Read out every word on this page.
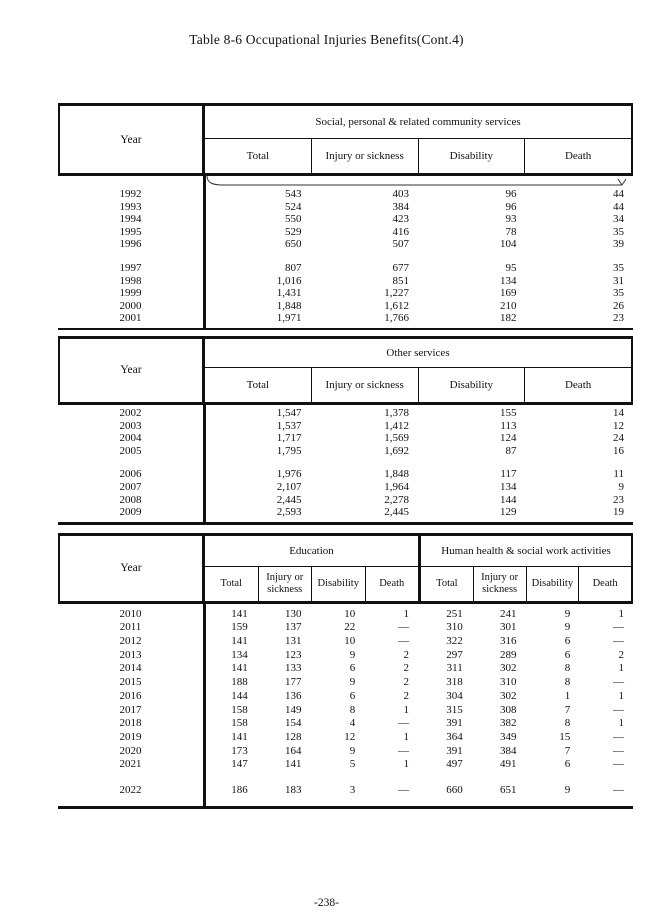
Table 8-6 Occupational Injuries Benefits(Cont.4)
Year
Social, personal & related community services
Total	Injury or sickness	Disability	Death
1992	543	403	96	44
1993	524	384	96	44
1994	550	423	93	34
1995	529	416	78	35
1996	650	507	104	39
1997	807	677	95	35
1998	1,016	851	134	31
1999	1,431	1,227	169	35
2000	1,848	1,612	210	26
2001	1,971	1,766	182	23
Year
Other services
Total	Injury or sickness	Disability	Death
2002	1,547	1,378	155	14
2003	1,537	1,412	113	12
2004	1,717	1,569	124	24
2005	1,795	1,692	87	16
2006	1,976	1,848	117	11
2007	2,107	1,964	134	9
2008	2,445	2,278	144	23
2009	2,593	2,445	129	19
Year
Education
Total
Injury or sickness
Disability	Death
Human health & social work activities
Total
Injury or sickness
Disability	Death
2010	141	130	10	1	251	241	9	1
2011	159	137	22	—	310	301	9	—
2012	141	131	10	—	322	316	6	—
2013	134	123	9	2	297	289	6	2
2014	141	133	6	2	311	302	8	1
2015	188	177	9	2	318	310	8	—
2016	144	136	6	2	304	302	1	1
2017	158	149	8	1	315	308	7	—
2018	158	154	4	—	391	382	8	1
2019	141	128	12	1	364	349	15	—
2020	173	164	9	—	391	384	7	—
2021	147	141	5	1	497	491	6	—
2022	186	183	3	—	660	651	9	—
-238-
